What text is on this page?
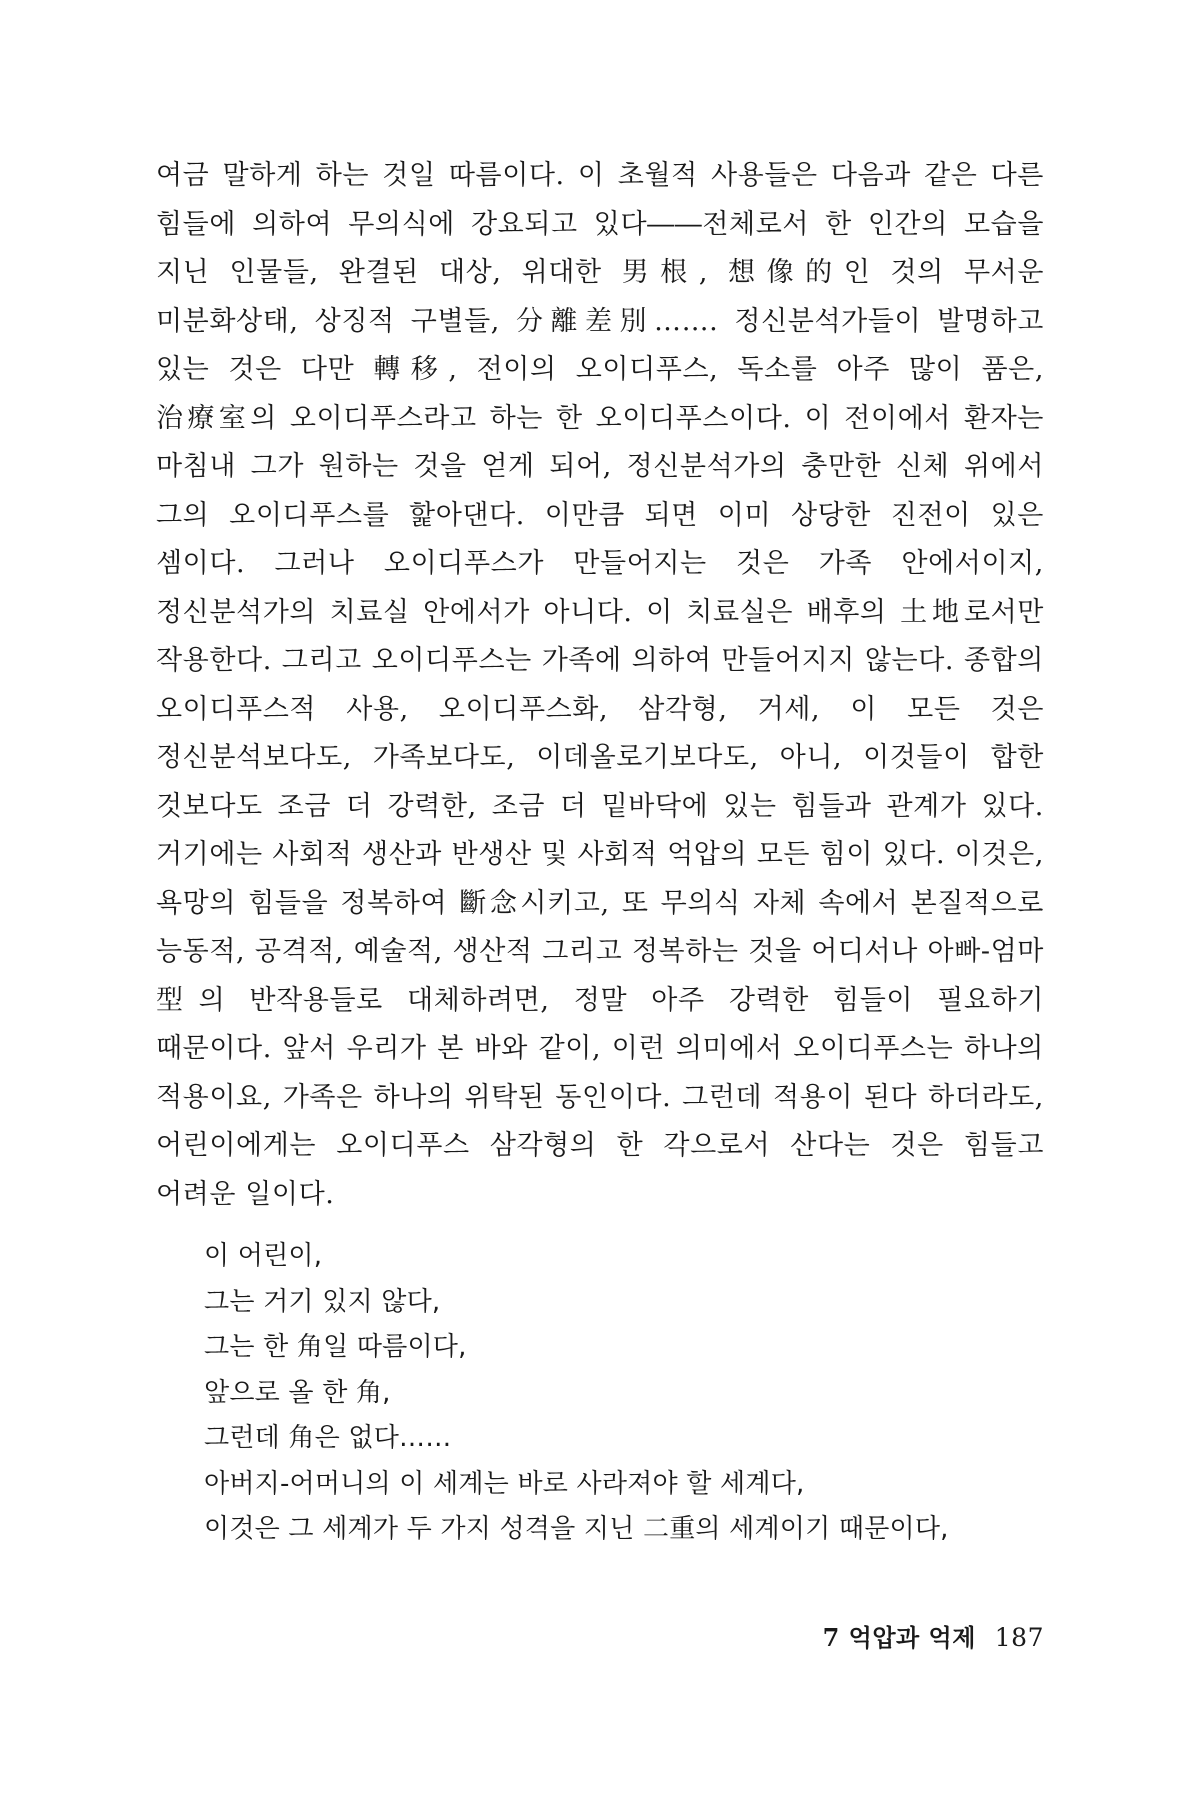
여금 말하게 하는 것일 따름이다. 이 초월적 사용들은 다음과 같은 다른 힘들에 의하여 무의식에 강요되고 있다――전체로서 한 인간의 모습을 지닌 인물들, 완결된 대상, 위대한 男根, 想像的인 것의 무서운 미분화상태, 상징적 구별들, 分離差別……. 정신분석가들이 발명하고 있는 것은 다만 轉移, 전이의 오이디푸스, 독소를 아주 많이 품은, 治療室의 오이디푸스라고 하는 한 오이디푸스이다. 이 전이에서 환자는 마침내 그가 원하는 것을 얻게 되어, 정신분석가의 충만한 신체 위에서 그의 오이디푸스를 핥아댄다. 이만큼 되면 이미 상당한 진전이 있은 셈이다. 그러나 오이디푸스가 만들어지는 것은 가족 안에서이지, 정신분석가의 치료실 안에서가 아니다. 이 치료실은 배후의 土地로서만 작용한다. 그리고 오이디푸스는 가족에 의하여 만들어지지 않는다. 종합의 오이디푸스적 사용, 오이디푸스화, 삼각형, 거세, 이 모든 것은 정신분석보다도, 가족보다도, 이데올로기보다도, 아니, 이것들이 합한 것보다도 조금 더 강력한, 조금 더 밑바닥에 있는 힘들과 관계가 있다. 거기에는 사회적 생산과 반생산 및 사회적 억압의 모든 힘이 있다. 이것은, 욕망의 힘들을 정복하여 斷念시키고, 또 무의식 자체 속에서 본질적으로 능동적, 공격적, 예술적, 생산적 그리고 정복하는 것을 어디서나 아빠-엄마 型의 반작용들로 대체하려면, 정말 아주 강력한 힘들이 필요하기 때문이다. 앞서 우리가 본 바와 같이, 이런 의미에서 오이디푸스는 하나의 적용이요, 가족은 하나의 위탁된 동인이다. 그런데 적용이 된다 하더라도, 어린이에게는 오이디푸스 삼각형의 한 각으로서 산다는 것은 힘들고 어려운 일이다.

이 어린이,
그는 거기 있지 않다,
그는 한 角일 따름이다,
앞으로 올 한 角,
그런데 角은 없다……
아버지-어머니의 이 세계는 바로 사라져야 할 세계다,
이것은 그 세계가 두 가지 성격을 지닌 二重의 세계이기 때문이다,
7 억압과 억제 187
